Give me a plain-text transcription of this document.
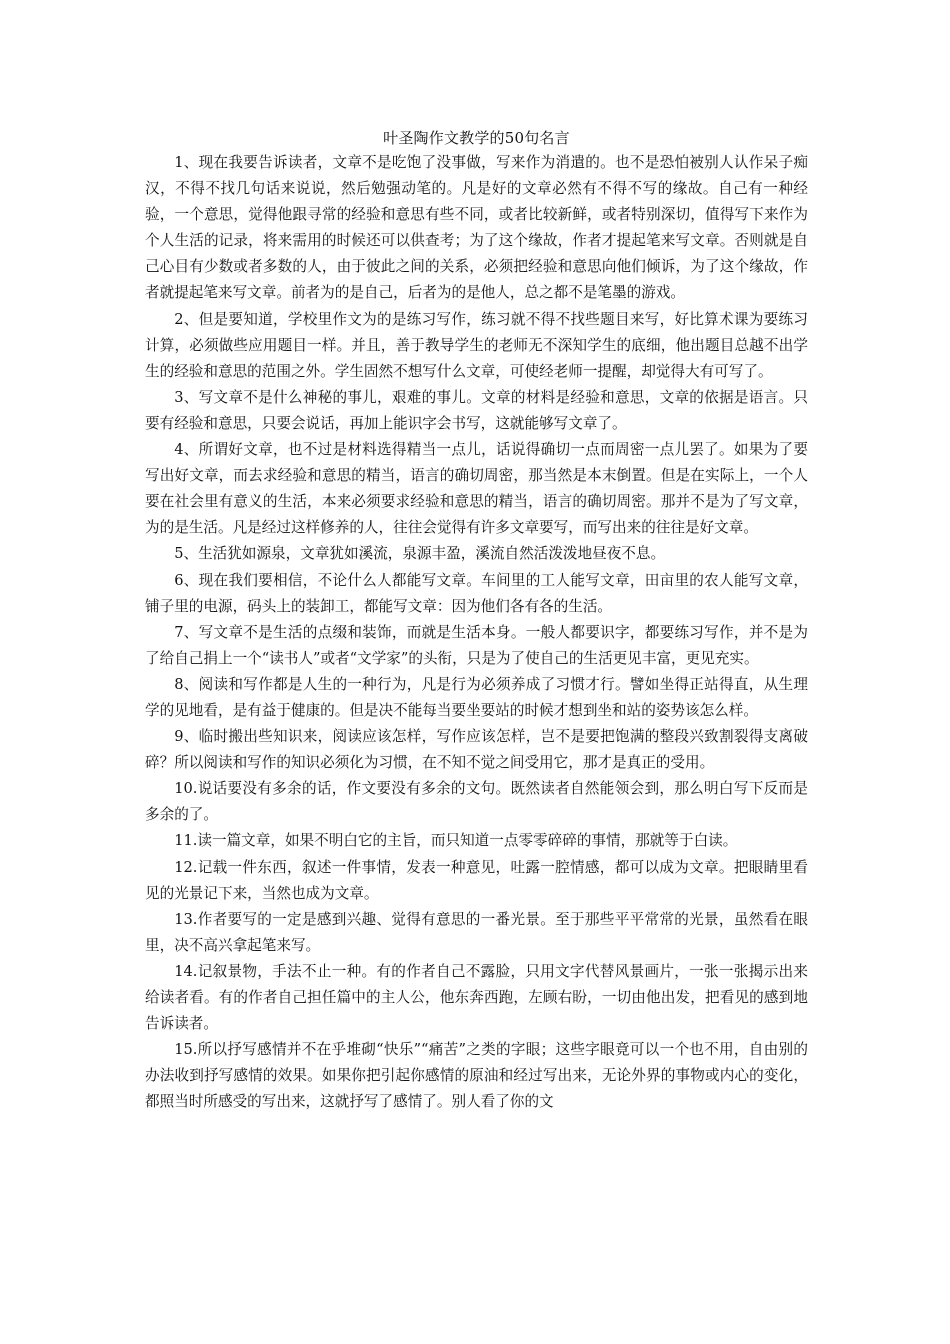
叶圣陶作文教学的50句名言

1、现在我要告诉读者，文章不是吃饱了没事做，写来作为消遣的。也不是恐怕被别人认作呆子痴汉，不得不找几句话来说说，然后勉强动笔的。凡是好的文章必然有不得不写的缘故。自己有一种经验，一个意思，觉得他跟寻常的经验和意思有些不同，或者比较新鲜，或者特别深切，值得写下来作为个人生活的记录，将来需用的时候还可以供查考；为了这个缘故，作者才提起笔来写文章。否则就是自己心目有少数或者多数的人，由于彼此之间的关系，必须把经验和意思向他们倾诉，为了这个缘故，作者就提起笔来写文章。前者为的是自己，后者为的是他人，总之都不是笔墨的游戏。

2、但是要知道，学校里作文为的是练习写作，练习就不得不找些题目来写，好比算术课为要练习计算，必须做些应用题目一样。并且，善于教导学生的老师无不深知学生的底细，他出题目总越不出学生的经验和意思的范围之外。学生固然不想写什么文章，可使经老师一提醒，却觉得大有可写了。

3、写文章不是什么神秘的事儿，艰难的事儿。文章的材料是经验和意思，文章的依据是语言。只要有经验和意思，只要会说话，再加上能识字会书写，这就能够写文章了。

4、所谓好文章，也不过是材料选得精当一点儿，话说得确切一点而周密一点儿罢了。如果为了要写出好文章，而去求经验和意思的精当，语言的确切周密，那当然是本末倒置。但是在实际上，一个人要在社会里有意义的生活，本来必须要求经验和意思的精当，语言的确切周密。那并不是为了写文章，为的是生活。凡是经过这样修养的人，往往会觉得有许多文章要写，而写出来的往往是好文章。

5、生活犹如源泉，文章犹如溪流，泉源丰盈，溪流自然活泼泼地昼夜不息。

6、现在我们要相信，不论什么人都能写文章。车间里的工人能写文章，田亩里的农人能写文章，铺子里的电源，码头上的装卸工，都能写文章：因为他们各有各的生活。

7、写文章不是生活的点缀和装饰，而就是生活本身。一般人都要识字，都要练习写作，并不是为了给自己捐上一个“读书人”或者“文学家”的头衔，只是为了使自己的生活更见丰富，更见充实。

8、阅读和写作都是人生的一种行为，凡是行为必须养成了习惯才行。譬如坐得正站得直，从生理学的见地看，是有益于健康的。但是决不能每当要坐要站的时候才想到坐和站的姿势该怎么样。

9、临时搬出些知识来，阅读应该怎样，写作应该怎样，岂不是要把饱满的整段兴致割裂得支离破碎？所以阅读和写作的知识必须化为习惯，在不知不觉之间受用它，那才是真正的受用。

10.说话要没有多余的话，作文要没有多余的文句。既然读者自然能领会到，那么明白写下反而是多余的了。

11.读一篇文章，如果不明白它的主旨，而只知道一点零零碎碎的事情，那就等于白读。

12.记载一件东西，叙述一件事情，发表一种意见，吐露一腔情感，都可以成为文章。把眼睛里看见的光景记下来，当然也成为文章。

13.作者要写的一定是感到兴趣、觉得有意思的一番光景。至于那些平平常常的光景，虽然看在眼里，决不高兴拿起笔来写。

14.记叙景物，手法不止一种。有的作者自己不露脸，只用文字代替风景画片，一张一张揭示出来给读者看。有的作者自己担任篇中的主人公，他东奔西跑，左顾右盼，一切由他出发，把看见的感到地告诉读者。

15.所以抒写感情并不在乎堆砌“快乐”“痛苦”之类的字眼；这些字眼竟可以一个也不用，自由别的办法收到抒写感情的效果。如果你把引起你感情的原油和经过写出来，无论外界的事物或内心的变化，都照当时所感受的写出来，这就抒写了感情了。别人看了你的文
